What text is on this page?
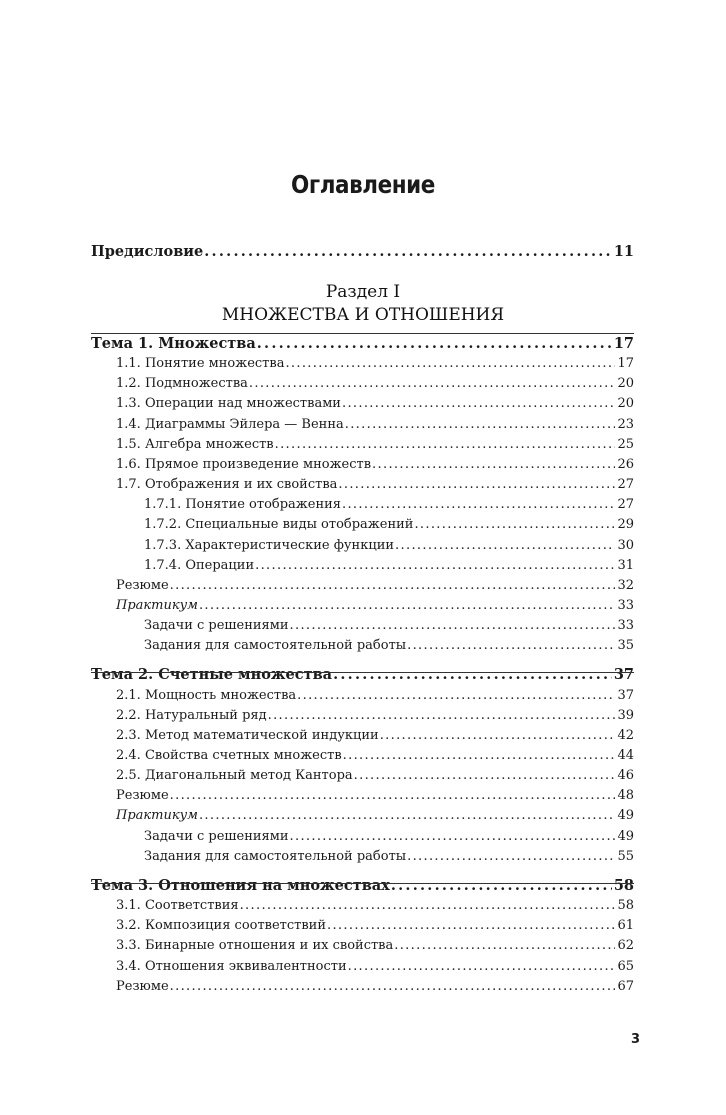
Оглавление
Предисловие . . .	11
Тема 1. Множества . . .	17
1.1. Понятие множества . . .	17
1.2. Подмножества . . .	20
1.3. Операции над множествами . . .	20
1.4. Диаграммы Эйлера — Венна . . .	23
1.5. Алгебра множеств . . .	25
1.6. Прямое произведение множеств . . .	26
1.7. Отображения и их свойства . . .	27
1.7.1. Понятие отображения . . .	27
1.7.2. Специальные виды отображений . . .	29
1.7.3. Характеристические функции . . .	30
1.7.4. Операции . . .	31
Резюме . . .	32
Практикум . . .	33
Задачи с решениями . . .	33
Задания для самостоятельной работы . . .	35
Тема 2. Счетные множества . . .	37
2.1. Мощность множества . . .	37
2.2. Натуральный ряд . . .	39
2.3. Метод математической индукции . . .	42
2.4. Свойства счетных множеств . . .	44
2.5. Диагональный метод Кантора . . .	46
Резюме . . .	48
Практикум . . .	49
Задачи с решениями . . .	49
Задания для самостоятельной работы . . .	55
Тема 3. Отношения на множествах . . .	58
3.1. Соответствия . . .	58
3.2. Композиция соответствий . . .	61
3.3. Бинарные отношения и их свойства . . .	62
3.4. Отношения эквивалентности . . .	65
Резюме . . .	67
Раздел I
МНОЖЕСТВА И ОТНОШЕНИЯ
3
